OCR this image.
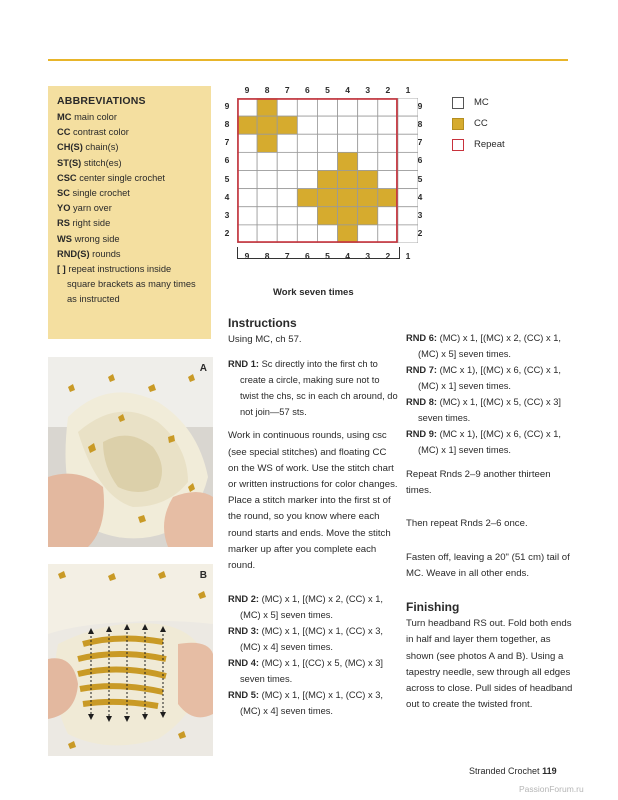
ABBREVIATIONS
MC main color
CC contrast color
CH(S) chain(s)
ST(S) stitch(es)
CSC center single crochet
SC single crochet
YO yarn over
RS right side
WS wrong side
RND(S) rounds
[ ] repeat instructions inside
square brackets as many times
as instructed
9	8	7	6	5	4	3	2	1
9
8
7
6
5
4
3
2
9
8
7
6
5
4
3
2
9	8	7	6	5	4	3	2	1
Work seven times
MC
CC
Repeat
A
B
Instructions
Using MC, ch 57.
RND 1: Sc directly into the first ch to create a circle, making sure not to twist the chs, sc in each ch around, do not join—57 sts.
Work in continuous rounds, using csc (see special stitches) and floating CC on the WS of work. Use the stitch chart or written instructions for color changes. Place a stitch marker into the first st of the round, so you know where each round starts and ends. Move the stitch marker up after you complete each round.
RND 2: (MC) x 1, [(MC) x 2, (CC) x 1, (MC) x 5] seven times.
RND 3: (MC) x 1, [(MC) x 1, (CC) x 3, (MC) x 4] seven times.
RND 4: (MC) x 1, [(CC) x 5, (MC) x 3] seven times.
RND 5: (MC) x 1, [(MC) x 1, (CC) x 3, (MC) x 4] seven times.
RND 6: (MC) x 1, [(MC) x 2, (CC) x 1, (MC) x 5] seven times.
RND 7: (MC x 1), [(MC) x 6, (CC) x 1, (MC) x 1] seven times.
RND 8: (MC) x 1, [(MC) x 5, (CC) x 3] seven times.
RND 9: (MC x 1), [(MC) x 6, (CC) x 1, (MC) x 1] seven times.
Repeat Rnds 2–9 another thirteen times.
Then repeat Rnds 2–6 once.
Fasten off, leaving a 20" (51 cm) tail of MC. Weave in all other ends.
Finishing
Turn headband RS out. Fold both ends in half and layer them together, as shown (see photos A and B). Using a tapestry needle, sew through all edges across to close. Pull sides of headband out to create the twisted front.
Stranded Crochet 119
PassionForum.ru
